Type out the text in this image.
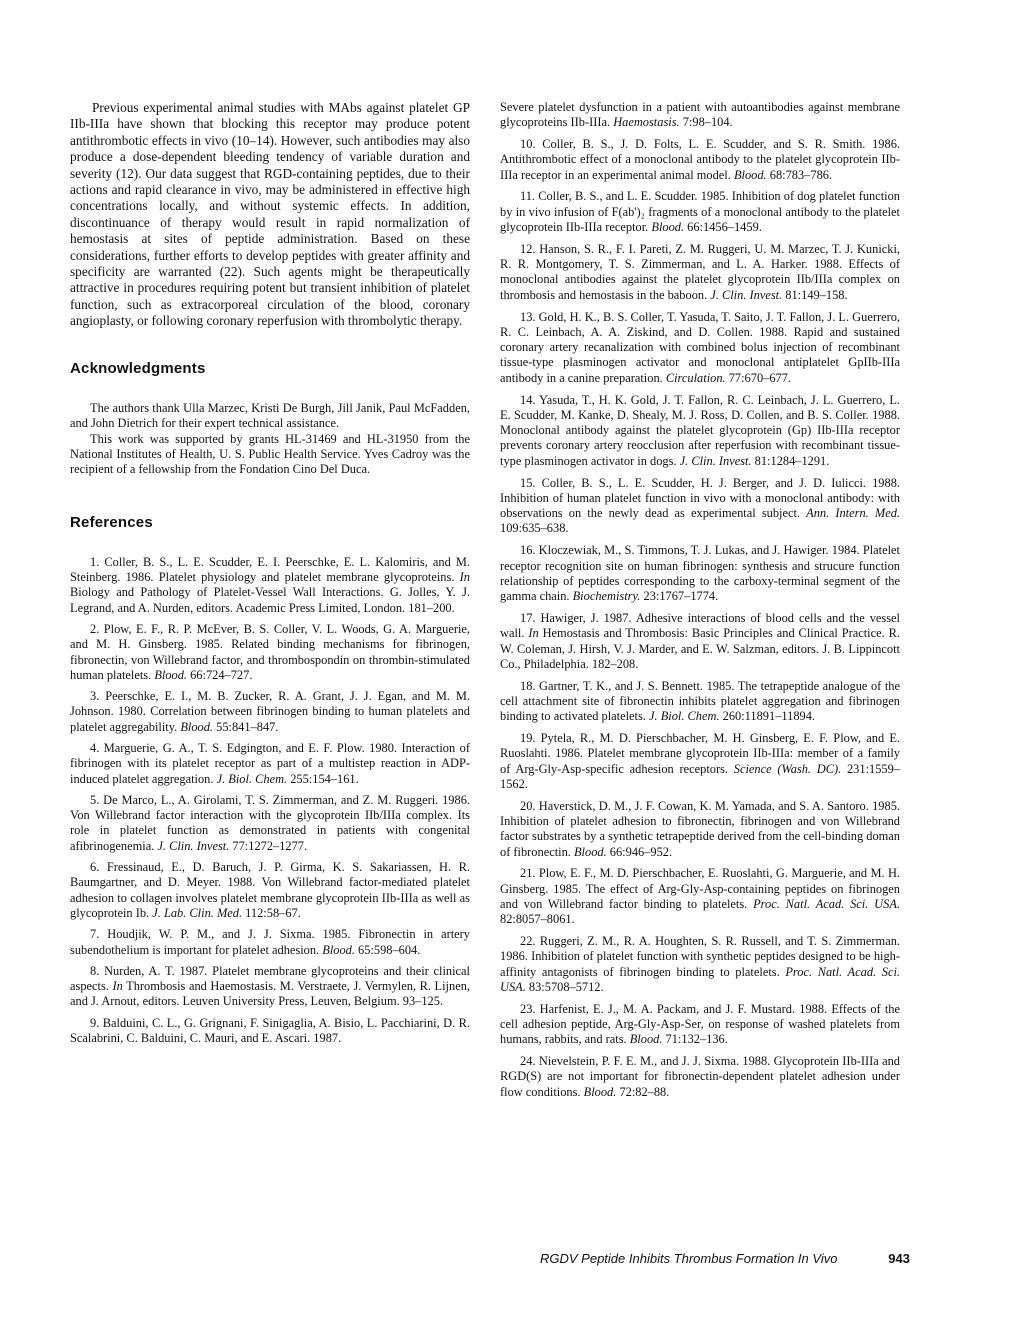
Previous experimental animal studies with MAbs against platelet GP IIb-IIIa have shown that blocking this receptor may produce potent antithrombotic effects in vivo (10–14). However, such antibodies may also produce a dose-dependent bleeding tendency of variable duration and severity (12). Our data suggest that RGD-containing peptides, due to their actions and rapid clearance in vivo, may be administered in effective high concentrations locally, and without systemic effects. In addition, discontinuance of therapy would result in rapid normalization of hemostasis at sites of peptide administration. Based on these considerations, further efforts to develop peptides with greater affinity and specificity are warranted (22). Such agents might be therapeutically attractive in procedures requiring potent but transient inhibition of platelet function, such as extracorporeal circulation of the blood, coronary angioplasty, or following coronary reperfusion with thrombolytic therapy.

Acknowledgments

The authors thank Ulla Marzec, Kristi De Burgh, Jill Janik, Paul McFadden, and John Dietrich for their expert technical assistance.

This work was supported by grants HL-31469 and HL-31950 from the National Institutes of Health, U. S. Public Health Service. Yves Cadroy was the recipient of a fellowship from the Fondation Cino Del Duca.

References

1. Coller, B. S., L. E. Scudder, E. I. Peerschke, E. L. Kalomiris, and M. Steinberg. 1986. Platelet physiology and platelet membrane glycoproteins. In Biology and Pathology of Platelet-Vessel Wall Interactions. G. Jolles, Y. J. Legrand, and A. Nurden, editors. Academic Press Limited, London. 181–200.

2. Plow, E. F., R. P. McEver, B. S. Coller, V. L. Woods, G. A. Marguerie, and M. H. Ginsberg. 1985. Related binding mechanisms for fibrinogen, fibronectin, von Willebrand factor, and thrombospondin on thrombin-stimulated human platelets. Blood. 66:724–727.

3. Peerschke, E. I., M. B. Zucker, R. A. Grant, J. J. Egan, and M. M. Johnson. 1980. Correlation between fibrinogen binding to human platelets and platelet aggregability. Blood. 55:841–847.

4. Marguerie, G. A., T. S. Edgington, and E. F. Plow. 1980. Interaction of fibrinogen with its platelet receptor as part of a multistep reaction in ADP-induced platelet aggregation. J. Biol. Chem. 255:154–161.

5. De Marco, L., A. Girolami, T. S. Zimmerman, and Z. M. Ruggeri. 1986. Von Willebrand factor interaction with the glycoprotein IIb/IIIa complex. Its role in platelet function as demonstrated in patients with congenital afibrinogenemia. J. Clin. Invest. 77:1272–1277.

6. Fressinaud, E., D. Baruch, J. P. Girma, K. S. Sakariassen, H. R. Baumgartner, and D. Meyer. 1988. Von Willebrand factor-mediated platelet adhesion to collagen involves platelet membrane glycoprotein IIb-IIIa as well as glycoprotein Ib. J. Lab. Clin. Med. 112:58–67.

7. Houdjik, W. P. M., and J. J. Sixma. 1985. Fibronectin in artery subendothelium is important for platelet adhesion. Blood. 65:598–604.

8. Nurden, A. T. 1987. Platelet membrane glycoproteins and their clinical aspects. In Thrombosis and Haemostasis. M. Verstraete, J. Vermylen, R. Lijnen, and J. Arnout, editors. Leuven University Press, Leuven, Belgium. 93–125.

9. Balduini, C. L., G. Grignani, F. Sinigaglia, A. Bisio, L. Pacchiarini, D. R. Scalabrini, C. Balduini, C. Mauri, and E. Ascari. 1987.

Severe platelet dysfunction in a patient with autoantibodies against membrane glycoproteins IIb-IIIa. Haemostasis. 7:98–104.

10. Coller, B. S., J. D. Folts, L. E. Scudder, and S. R. Smith. 1986. Antithrombotic effect of a monoclonal antibody to the platelet glycoprotein IIb-IIIa receptor in an experimental animal model. Blood. 68:783–786.

11. Coller, B. S., and L. E. Scudder. 1985. Inhibition of dog platelet function by in vivo infusion of F(ab')₂ fragments of a monoclonal antibody to the platelet glycoprotein IIb-IIIa receptor. Blood. 66:1456–1459.

12. Hanson, S. R., F. I. Pareti, Z. M. Ruggeri, U. M. Marzec, T. J. Kunicki, R. R. Montgomery, T. S. Zimmerman, and L. A. Harker. 1988. Effects of monoclonal antibodies against the platelet glycoprotein IIb/IIIa complex on thrombosis and hemostasis in the baboon. J. Clin. Invest. 81:149–158.

13. Gold, H. K., B. S. Coller, T. Yasuda, T. Saito, J. T. Fallon, J. L. Guerrero, R. C. Leinbach, A. A. Ziskind, and D. Collen. 1988. Rapid and sustained coronary artery recanalization with combined bolus injection of recombinant tissue-type plasminogen activator and monoclonal antiplatelet GpIIb-IIIa antibody in a canine preparation. Circulation. 77:670–677.

14. Yasuda, T., H. K. Gold, J. T. Fallon, R. C. Leinbach, J. L. Guerrero, L. E. Scudder, M. Kanke, D. Shealy, M. J. Ross, D. Collen, and B. S. Coller. 1988. Monoclonal antibody against the platelet glycoprotein (Gp) IIb-IIIa receptor prevents coronary artery reocclusion after reperfusion with recombinant tissue-type plasminogen activator in dogs. J. Clin. Invest. 81:1284–1291.

15. Coller, B. S., L. E. Scudder, H. J. Berger, and J. D. Iulicci. 1988. Inhibition of human platelet function in vivo with a monoclonal antibody: with observations on the newly dead as experimental subject. Ann. Intern. Med. 109:635–638.

16. Kloczewiak, M., S. Timmons, T. J. Lukas, and J. Hawiger. 1984. Platelet receptor recognition site on human fibrinogen: synthesis and strucure function relationship of peptides corresponding to the carboxy-terminal segment of the gamma chain. Biochemistry. 23:1767–1774.

17. Hawiger, J. 1987. Adhesive interactions of blood cells and the vessel wall. In Hemostasis and Thrombosis: Basic Principles and Clinical Practice. R. W. Coleman, J. Hirsh, V. J. Marder, and E. W. Salzman, editors. J. B. Lippincott Co., Philadelphia. 182–208.

18. Gartner, T. K., and J. S. Bennett. 1985. The tetrapeptide analogue of the cell attachment site of fibronectin inhibits platelet aggregation and fibrinogen binding to activated platelets. J. Biol. Chem. 260:11891–11894.

19. Pytela, R., M. D. Pierschbacher, M. H. Ginsberg, E. F. Plow, and E. Ruoslahti. 1986. Platelet membrane glycoprotein IIb-IIIa: member of a family of Arg-Gly-Asp-specific adhesion receptors. Science (Wash. DC). 231:1559–1562.

20. Haverstick, D. M., J. F. Cowan, K. M. Yamada, and S. A. Santoro. 1985. Inhibition of platelet adhesion to fibronectin, fibrinogen and von Willebrand factor substrates by a synthetic tetrapeptide derived from the cell-binding doman of fibronectin. Blood. 66:946–952.

21. Plow, E. F., M. D. Pierschbacher, E. Ruoslahti, G. Marguerie, and M. H. Ginsberg. 1985. The effect of Arg-Gly-Asp-containing peptides on fibrinogen and von Willebrand factor binding to platelets. Proc. Natl. Acad. Sci. USA. 82:8057–8061.

22. Ruggeri, Z. M., R. A. Houghten, S. R. Russell, and T. S. Zimmerman. 1986. Inhibition of platelet function with synthetic peptides designed to be high-affinity antagonists of fibrinogen binding to platelets. Proc. Natl. Acad. Sci. USA. 83:5708–5712.

23. Harfenist, E. J., M. A. Packam, and J. F. Mustard. 1988. Effects of the cell adhesion peptide, Arg-Gly-Asp-Ser, on response of washed platelets from humans, rabbits, and rats. Blood. 71:132–136.

24. Nievelstein, P. F. E. M., and J. J. Sixma. 1988. Glycoprotein IIb-IIIa and RGD(S) are not important for fibronectin-dependent platelet adhesion under flow conditions. Blood. 72:82–88.

RGDV Peptide Inhibits Thrombus Formation In Vivo	943
